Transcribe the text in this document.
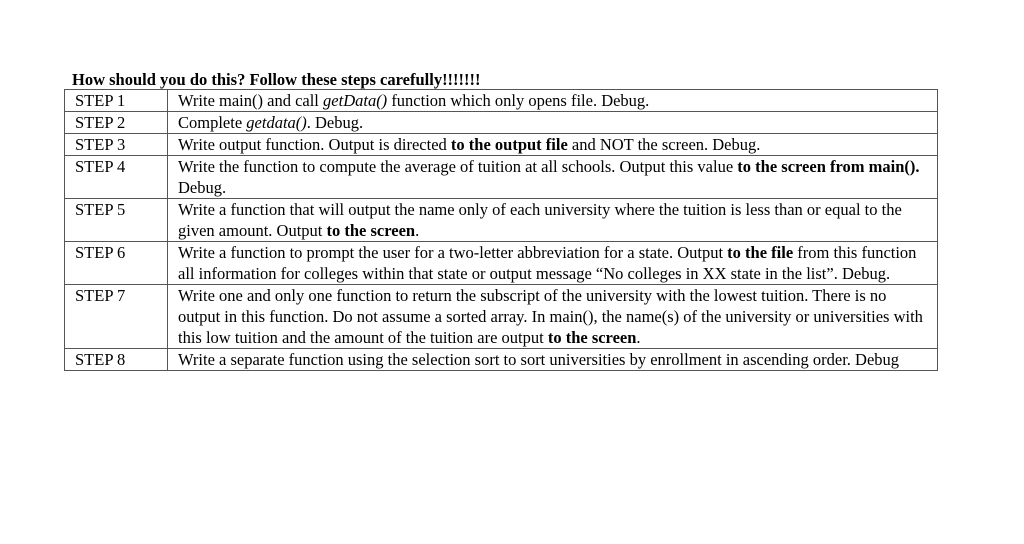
How should you do this? Follow these steps carefully!!!!!!!
STEP 1	Write main() and call getData() function which only opens file. Debug.
STEP 2	Complete getdata(). Debug.
STEP 3	Write output function. Output is directed to the output file and NOT the screen. Debug.
STEP 4	Write the function to compute the average of tuition at all schools. Output this value to the screen from main(). Debug.
STEP 5	Write a function that will output the name only of each university where the tuition is less than or equal to the given amount. Output to the screen.
STEP 6	Write a function to prompt the user for a two-letter abbreviation for a state. Output to the file from this function all information for colleges within that state or output message “No colleges in XX state in the list”. Debug.
STEP 7	Write one and only one function to return the subscript of the university with the lowest tuition. There is no output in this function. Do not assume a sorted array. In main(), the name(s) of the university or universities with this low tuition and the amount of the tuition are output to the screen.
STEP 8	Write a separate function using the selection sort to sort universities by enrollment in ascending order. Debug
